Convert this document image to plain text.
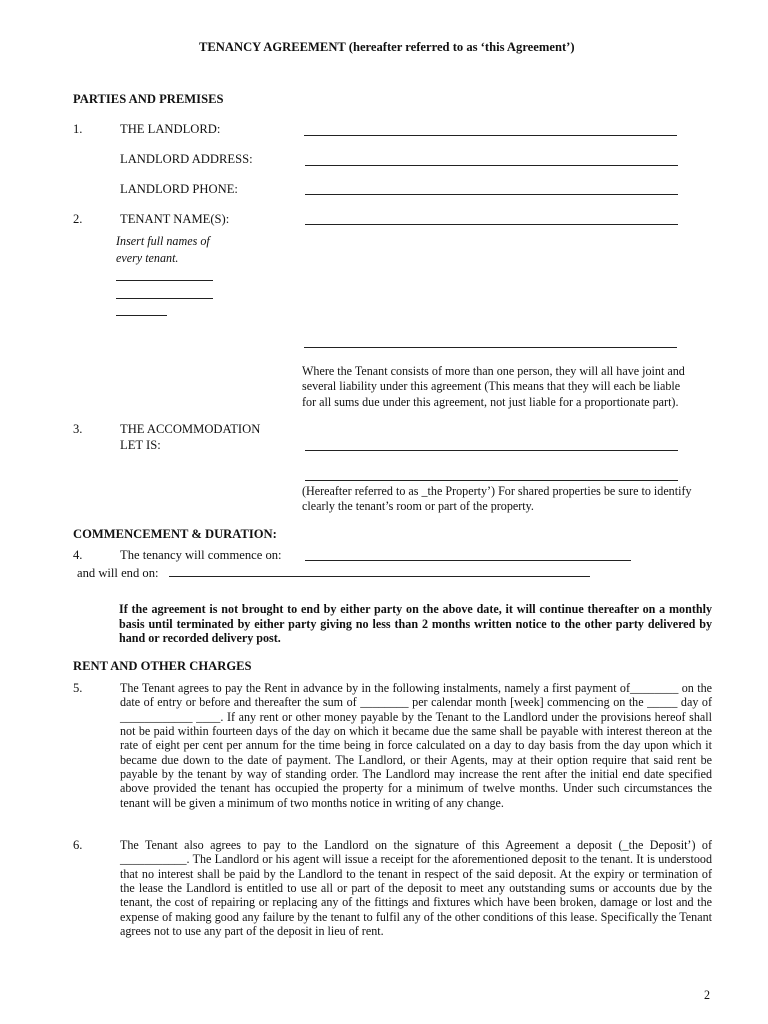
TENANCY AGREEMENT (hereafter referred to as ‘this Agreement’)
PARTIES AND PREMISES
1.	THE LANDLORD:
LANDLORD ADDRESS:
LANDLORD PHONE:
2.	TENANT NAME(S):
Insert full names of
every tenant.
Where the Tenant consists of more than one person, they will all have joint and
several liability under this agreement (This means that they will each be liable
for all sums due under this agreement, not just liable for a proportionate part).
3.	THE ACCOMMODATION
LET IS:
(Hereafter referred to as _the Property’) For shared properties be sure to identify
clearly the tenant’s room or part of the property.
COMMENCEMENT & DURATION:
4.	The tenancy will commence on:
and will end on:
If the agreement is not brought to end by either party on the above date, it will continue thereafter on a monthly basis until terminated by either party giving no less than 2 months written notice to the other party delivered by hand or recorded delivery post.
RENT AND OTHER CHARGES
5.	The Tenant agrees to pay the Rent in advance by in the following instalments, namely a first payment of________ on the date of entry or before and thereafter the sum of ________ per calendar month [week] commencing on the _____ day of ____________ ____. If any rent or other money payable by the Tenant to the Landlord under the provisions hereof shall not be paid within fourteen days of the day on which it became due the same shall be payable with interest thereon at the rate of eight per cent per annum for the time being in force calculated on a day to day basis from the day upon which it became due down to the date of payment. The Landlord, or their Agents, may at their option require that said rent be payable by the tenant by way of standing order. The Landlord may increase the rent after the initial end date specified above provided the tenant has occupied the property for a minimum of twelve months. Under such circumstances the tenant will be given a minimum of two months notice in writing of any change.
6.	The Tenant also agrees to pay to the Landlord on the signature of this Agreement a deposit (_the Deposit’) of ___________. The Landlord or his agent will issue a receipt for the aforementioned deposit to the tenant. It is understood that no interest shall be paid by the Landlord to the tenant in respect of the said deposit. At the expiry or termination of the lease the Landlord is entitled to use all or part of the deposit to meet any outstanding sums or accounts due by the tenant, the cost of repairing or replacing any of the fittings and fixtures which have been broken, damage or lost and the expense of making good any failure by the tenant to fulfil any of the other conditions of this lease. Specifically the Tenant agrees not to use any part of the deposit in lieu of rent.
2
